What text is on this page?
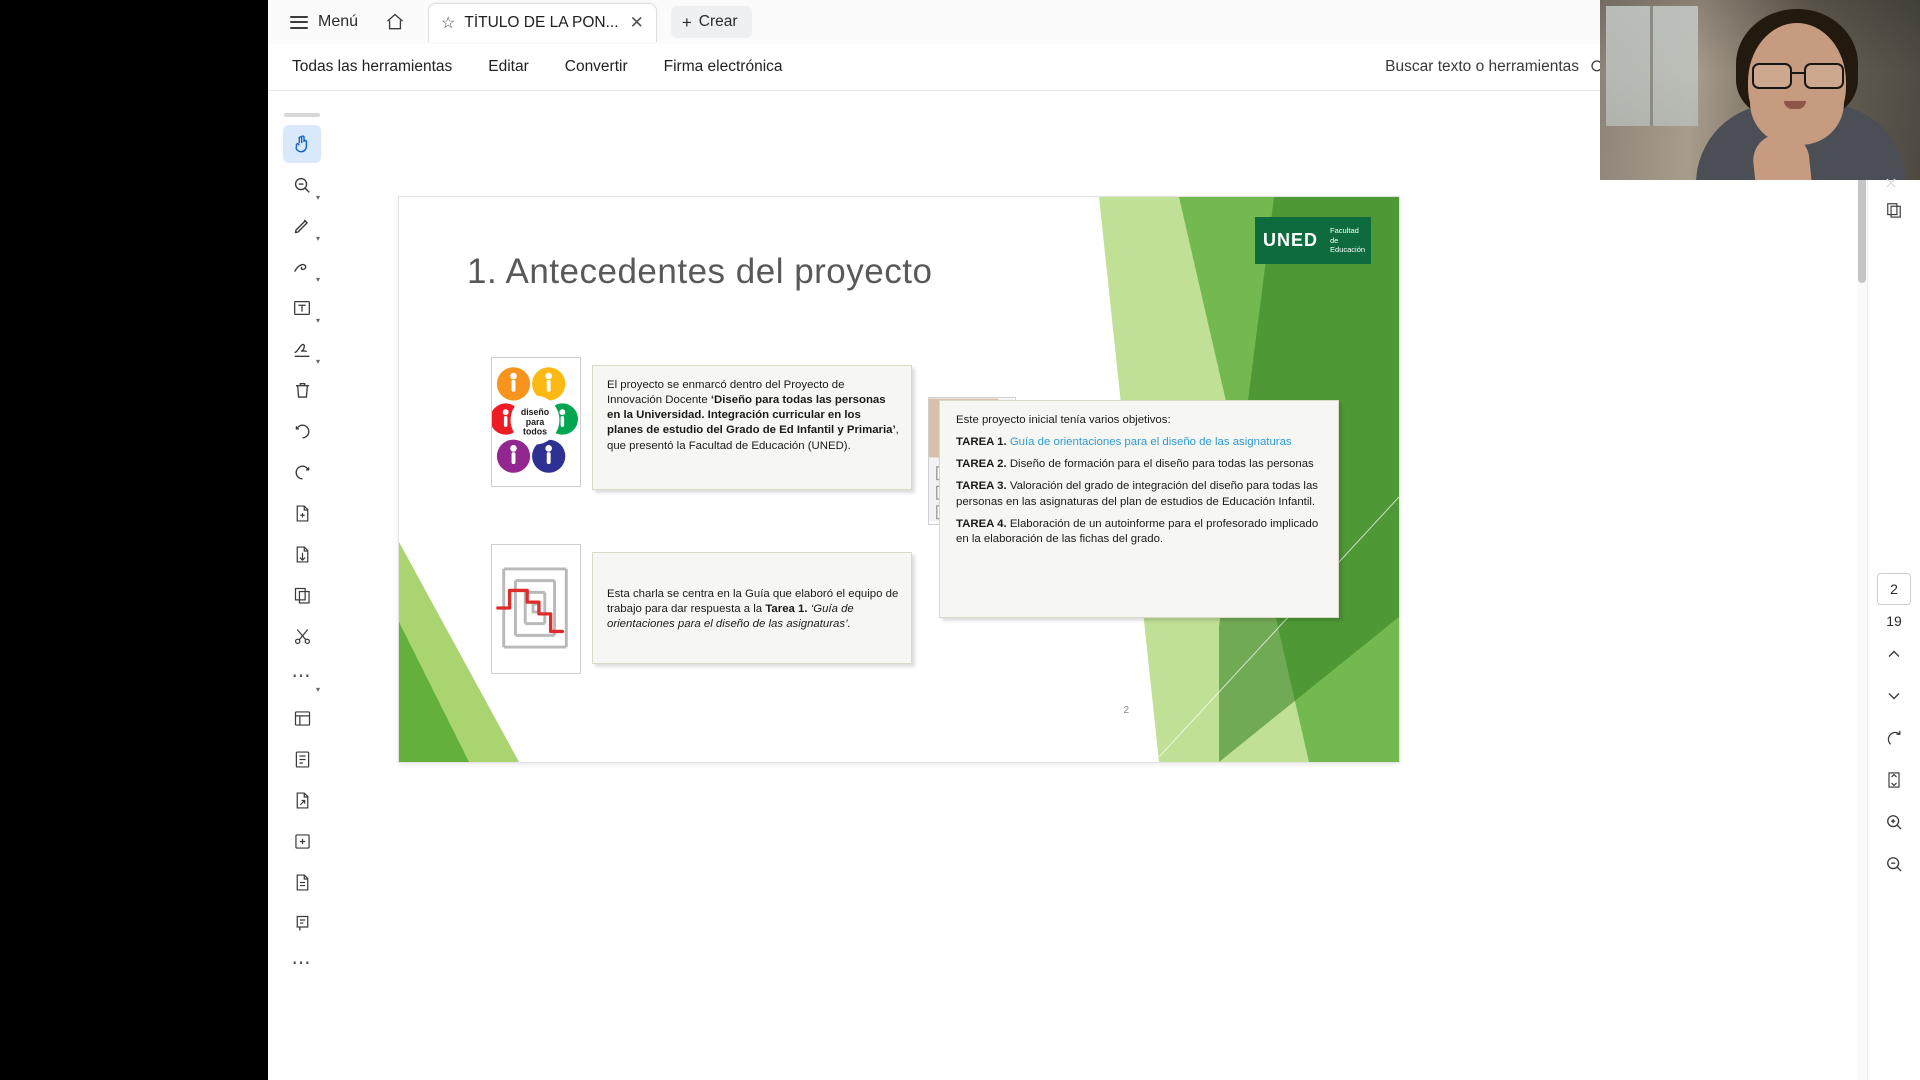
Menú	☆ TÍTULO DE LA PON... ✕ + Crear
Todas las herramientas	Editar	Convertir	Firma electrónica	Buscar texto o herramientas
▾
▾
▾
▾
▾
⋯
▾
⋯
UNED Facultad
de Educación
1. Antecedentes del proyecto
diseño
para
todos
El proyecto se enmarcó dentro del Proyecto de Innovación Docente ‘Diseño para todas las personas en la Universidad. Integración curricular en los planes de estudio del Grado de Ed Infantil y Primaria’, que presentó la Facultad de Educación (UNED).
Esta charla se centra en la Guía que elaboró el equipo de trabajo para dar respuesta a la Tarea 1. ‘Guía de orientaciones para el diseño de las asignaturas’.
Este proyecto inicial tenía varios objetivos:
TAREA 1. Guía de orientaciones para el diseño de las asignaturas
TAREA 2. Diseño de formación para el diseño para todas las personas
TAREA 3. Valoración del grado de integración del diseño para todas las personas en las asignaturas del plan de estudios de Educación Infantil.
TAREA 4. Elaboración de un autoinforme para el profesorado implicado en la elaboración de las fichas del grado.
2
2
19
